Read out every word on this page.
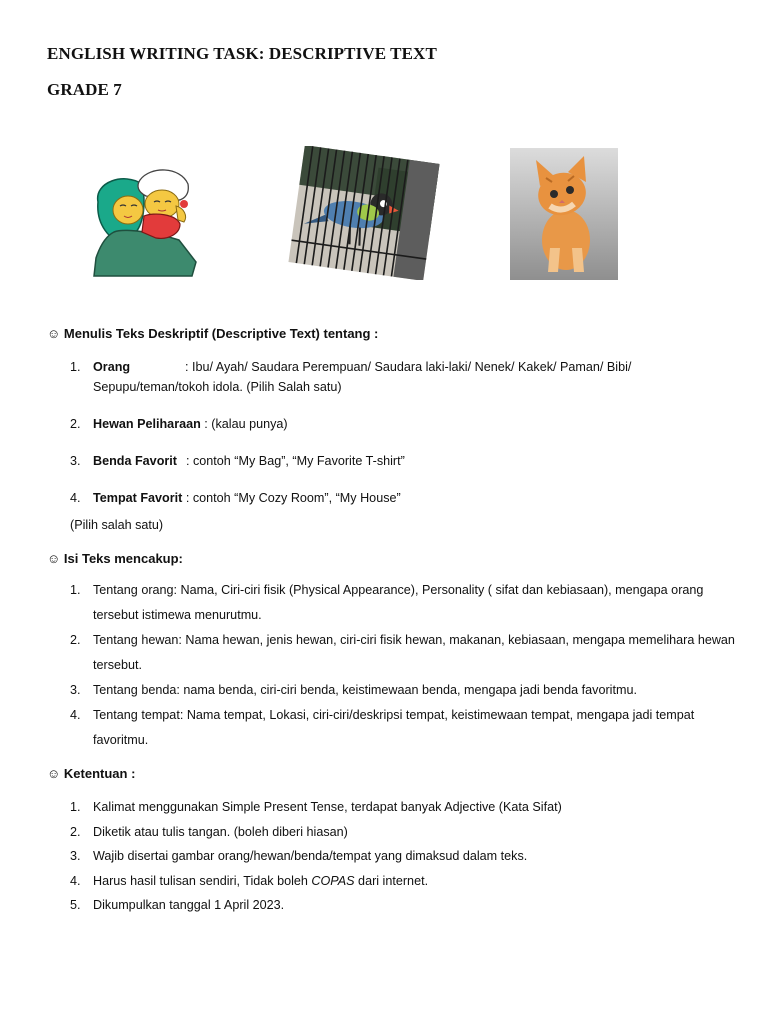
ENGLISH WRITING TASK: DESCRIPTIVE TEXT
GRADE 7
☺ Menulis Teks Deskriptif (Descriptive Text) tentang :
1. Orang	: Ibu/ Ayah/ Saudara Perempuan/ Saudara laki-laki/ Nenek/ Kakek/ Paman/ Bibi/ Sepupu/teman/tokoh idola. (Pilih Salah satu)
2. Hewan Peliharaan : (kalau punya)
3. Benda Favorit : contoh “My Bag”, “My Favorite T-shirt”
4. Tempat Favorit : contoh “My Cozy Room”, “My House”
(Pilih salah satu)
☺ Isi Teks mencakup:
1. Tentang orang: Nama, Ciri-ciri fisik (Physical Appearance), Personality ( sifat dan kebiasaan), mengapa orang tersebut istimewa menurutmu.
2. Tentang hewan: Nama hewan, jenis hewan, ciri-ciri fisik hewan, makanan, kebiasaan, mengapa memelihara hewan tersebut.
3. Tentang benda: nama benda, ciri-ciri benda, keistimewaan benda, mengapa jadi benda favoritmu.
4. Tentang tempat: Nama tempat, Lokasi, ciri-ciri/deskripsi tempat, keistimewaan tempat, mengapa jadi tempat favoritmu.
☺ Ketentuan :
1. Kalimat menggunakan Simple Present Tense, terdapat banyak Adjective (Kata Sifat)
2. Diketik atau tulis tangan. (boleh diberi hiasan)
3. Wajib disertai gambar orang/hewan/benda/tempat yang dimaksud dalam teks.
4. Harus hasil tulisan sendiri, Tidak boleh COPAS dari internet.
5. Dikumpulkan tanggal 1 April 2023.
